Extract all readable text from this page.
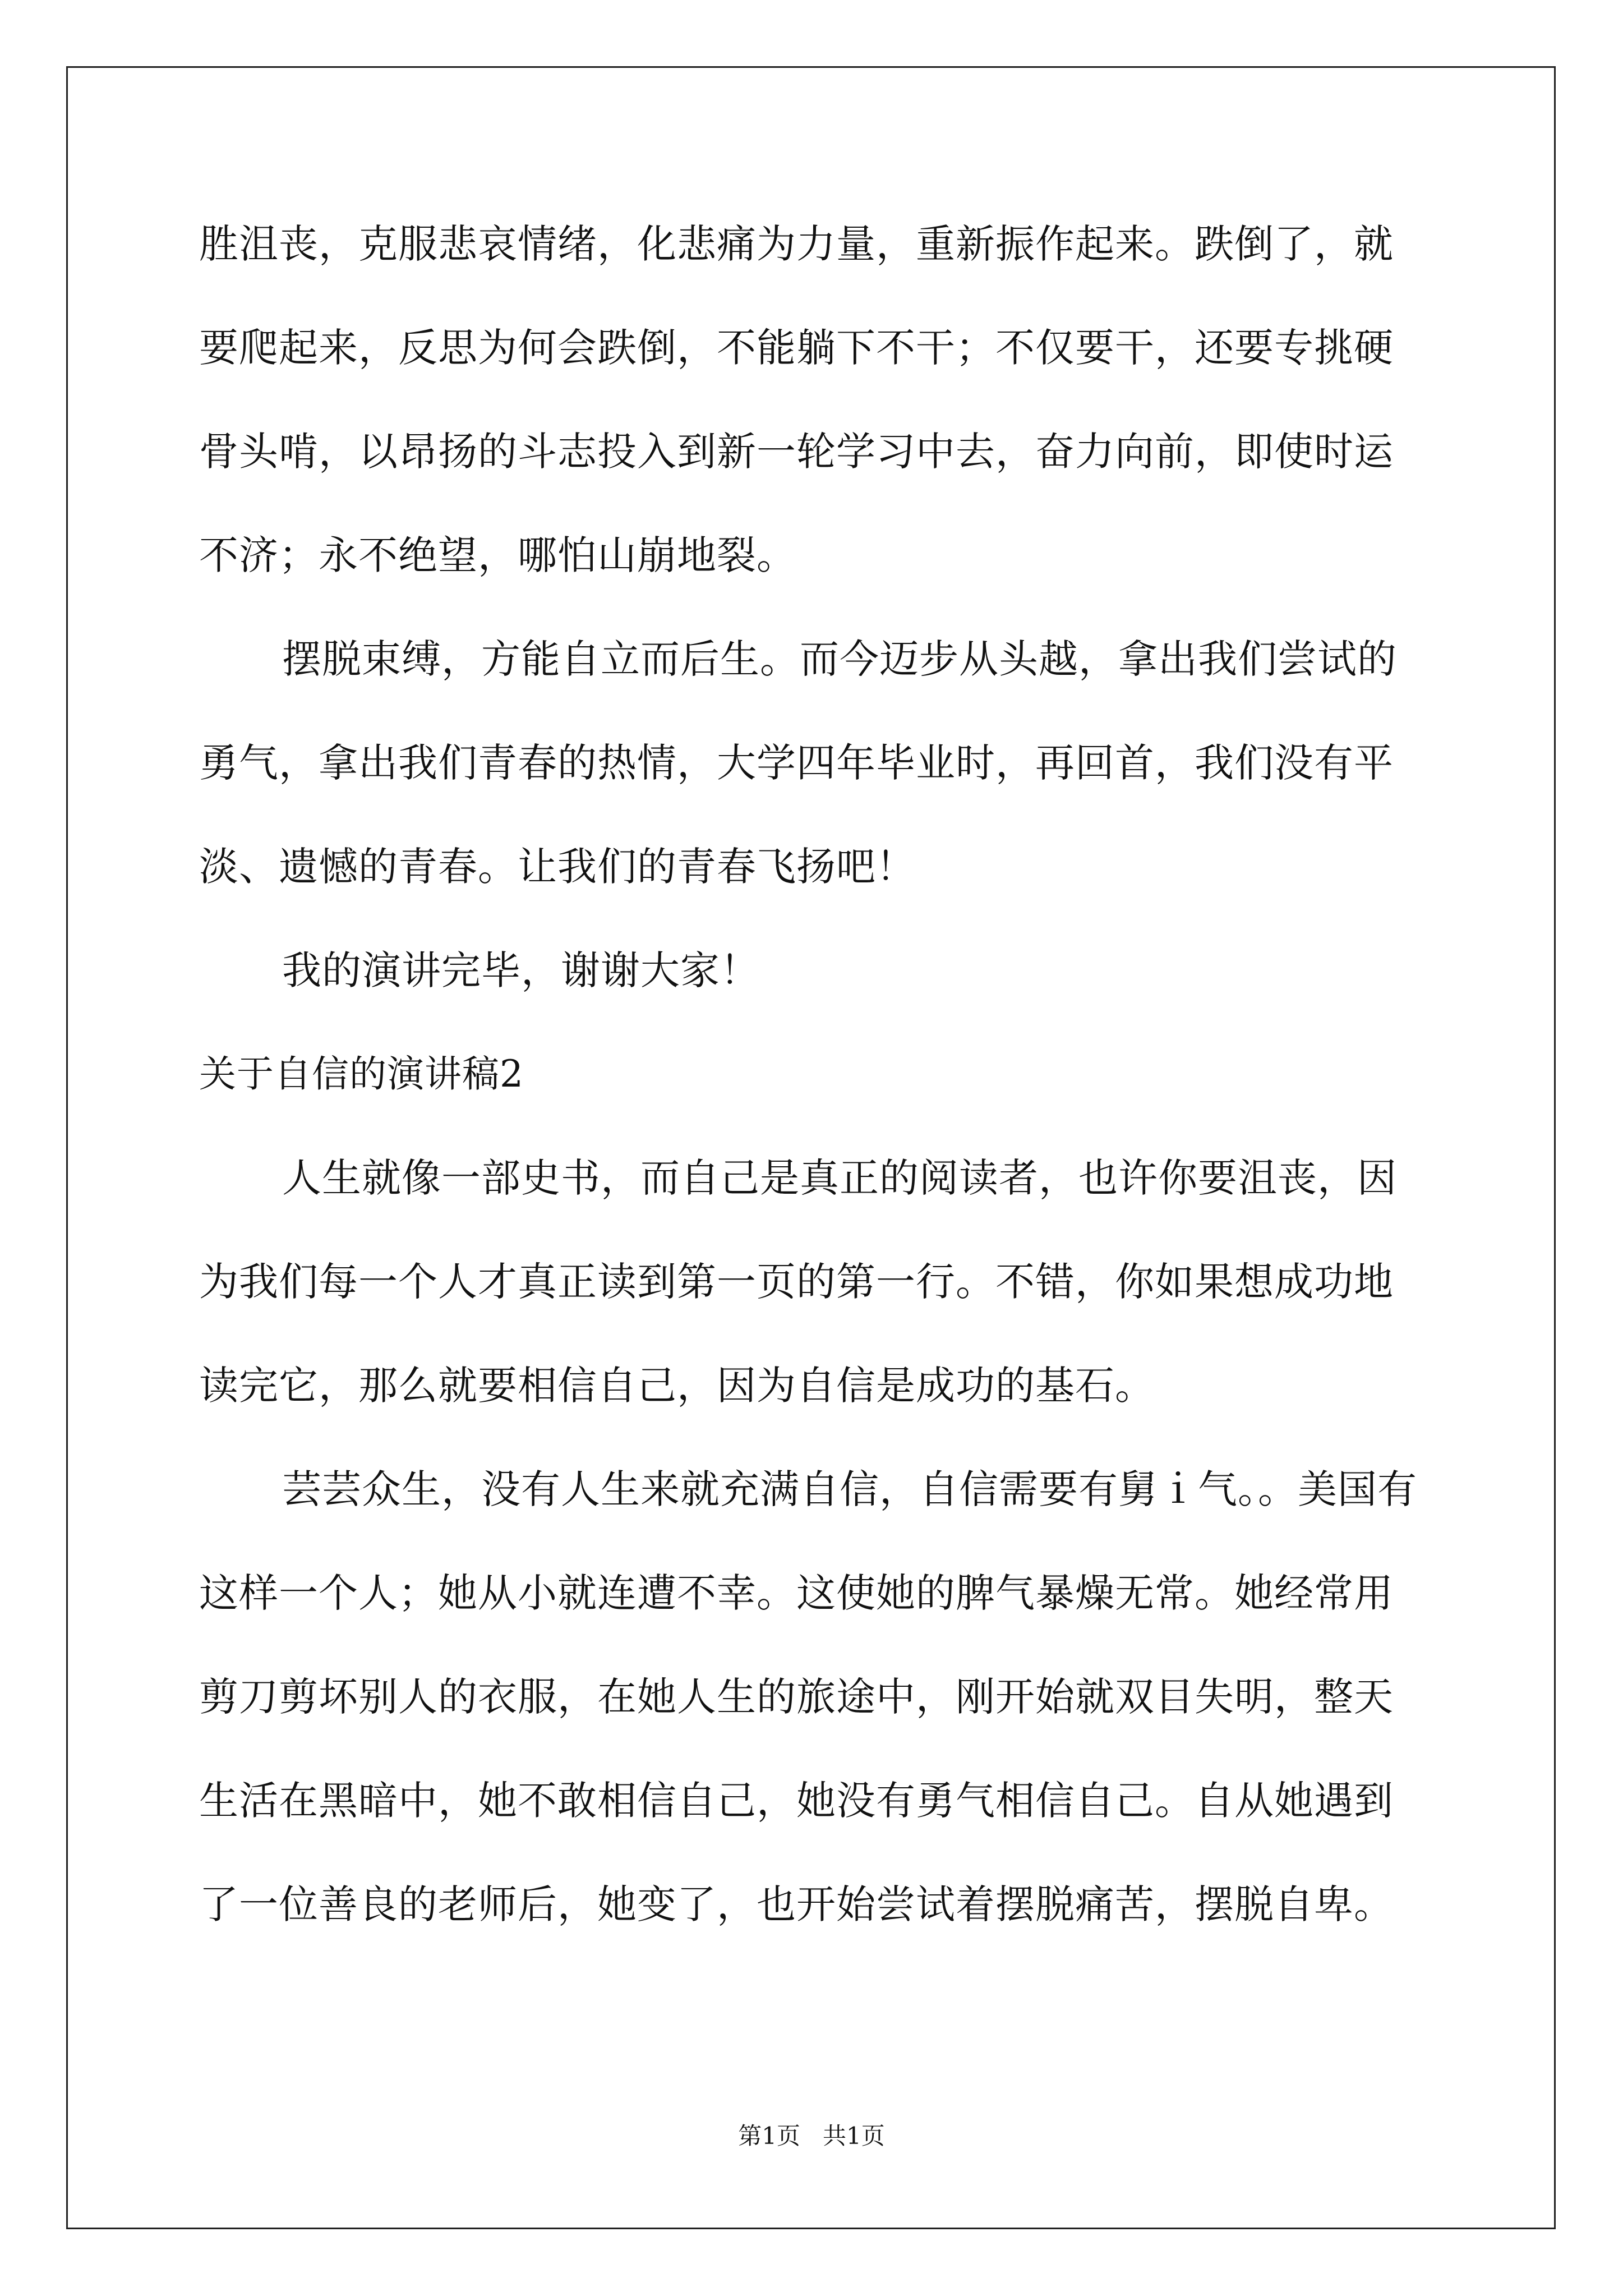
胜沮丧，克服悲哀情绪，化悲痛为力量，重新振作起来。跌倒了，就
要爬起来，反思为何会跌倒，不能躺下不干；不仅要干，还要专挑硬
骨头啃，以昂扬的斗志投入到新一轮学习中去，奋力向前，即使时运
不济；永不绝望，哪怕山崩地裂。
摆脱束缚，方能自立而后生。而今迈步从头越，拿出我们尝试的
勇气，拿出我们青春的热情，大学四年毕业时，再回首，我们没有平
淡、遗憾的青春。让我们的青春飞扬吧！
我的演讲完毕，谢谢大家！
关于自信的演讲稿2
人生就像一部史书，而自己是真正的阅读者，也许你要沮丧，因
为我们每一个人才真正读到第一页的第一行。不错，你如果想成功地
读完它，那么就要相信自己，因为自信是成功的基石。
芸芸众生，没有人生来就充满自信，自信需要有舅ｉ气。。美国有
这样一个人；她从小就连遭不幸。这使她的脾气暴燥无常。她经常用
剪刀剪坏别人的衣服，在她人生的旅途中，刚开始就双目失明，整天
生活在黑暗中，她不敢相信自己，她没有勇气相信自己。自从她遇到
了一位善良的老师后，她变了，也开始尝试着摆脱痛苦，摆脱自卑。
第1页   共1页
